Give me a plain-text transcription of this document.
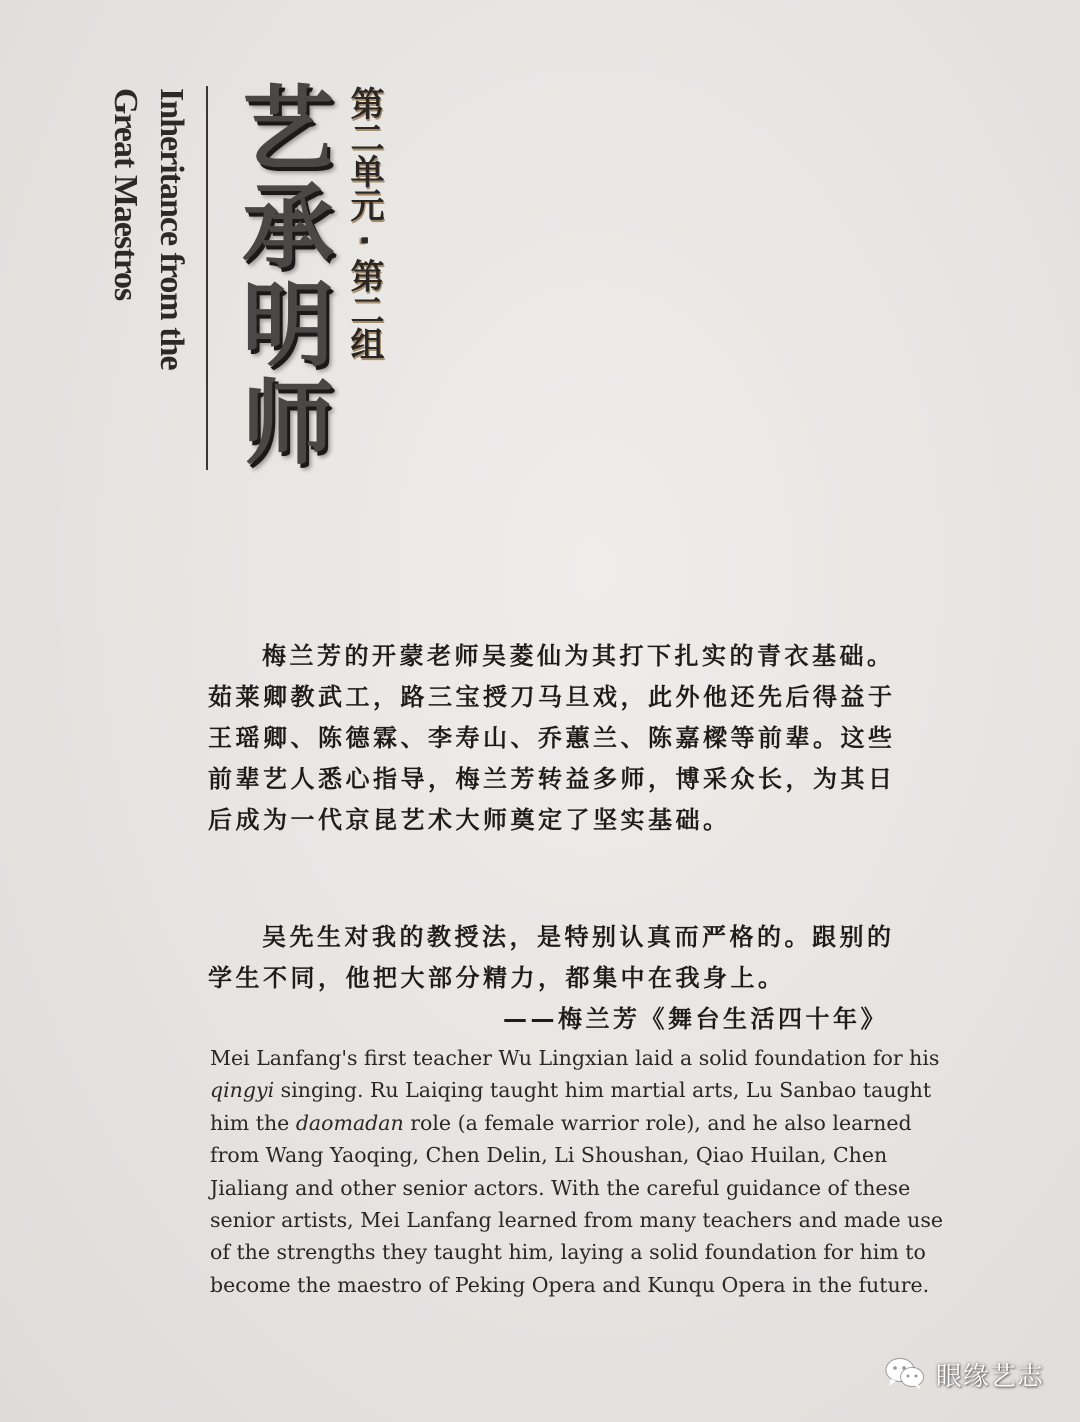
Inheritance from the
Great Maestros 艺承明师 第二单元 · 第二组
梅兰芳的开蒙老师吴菱仙为其打下扎实的青衣基础。
茹莱卿教武工，路三宝授刀马旦戏，此外他还先后得益于
王瑶卿、陈德霖、李寿山、乔蕙兰、陈嘉樑等前辈。这些
前辈艺人悉心指导，梅兰芳转益多师，博采众长，为其日
后成为一代京昆艺术大师奠定了坚实基础。
吴先生对我的教授法，是特别认真而严格的。跟别的
学生不同，他把大部分精力，都集中在我身上。
——梅兰芳《舞台生活四十年》
Mei Lanfang's first teacher Wu Lingxian laid a solid foundation for his
qingyi singing. Ru Laiqing taught him martial arts, Lu Sanbao taught
him the daomadan role (a female warrior role), and he also learned
from Wang Yaoqing, Chen Delin, Li Shoushan, Qiao Huilan, Chen
Jialiang and other senior actors. With the careful guidance of these
senior artists, Mei Lanfang learned from many teachers and made use
of the strengths they taught him, laying a solid foundation for him to
become the maestro of Peking Opera and Kunqu Opera in the future.
眼缘艺志
